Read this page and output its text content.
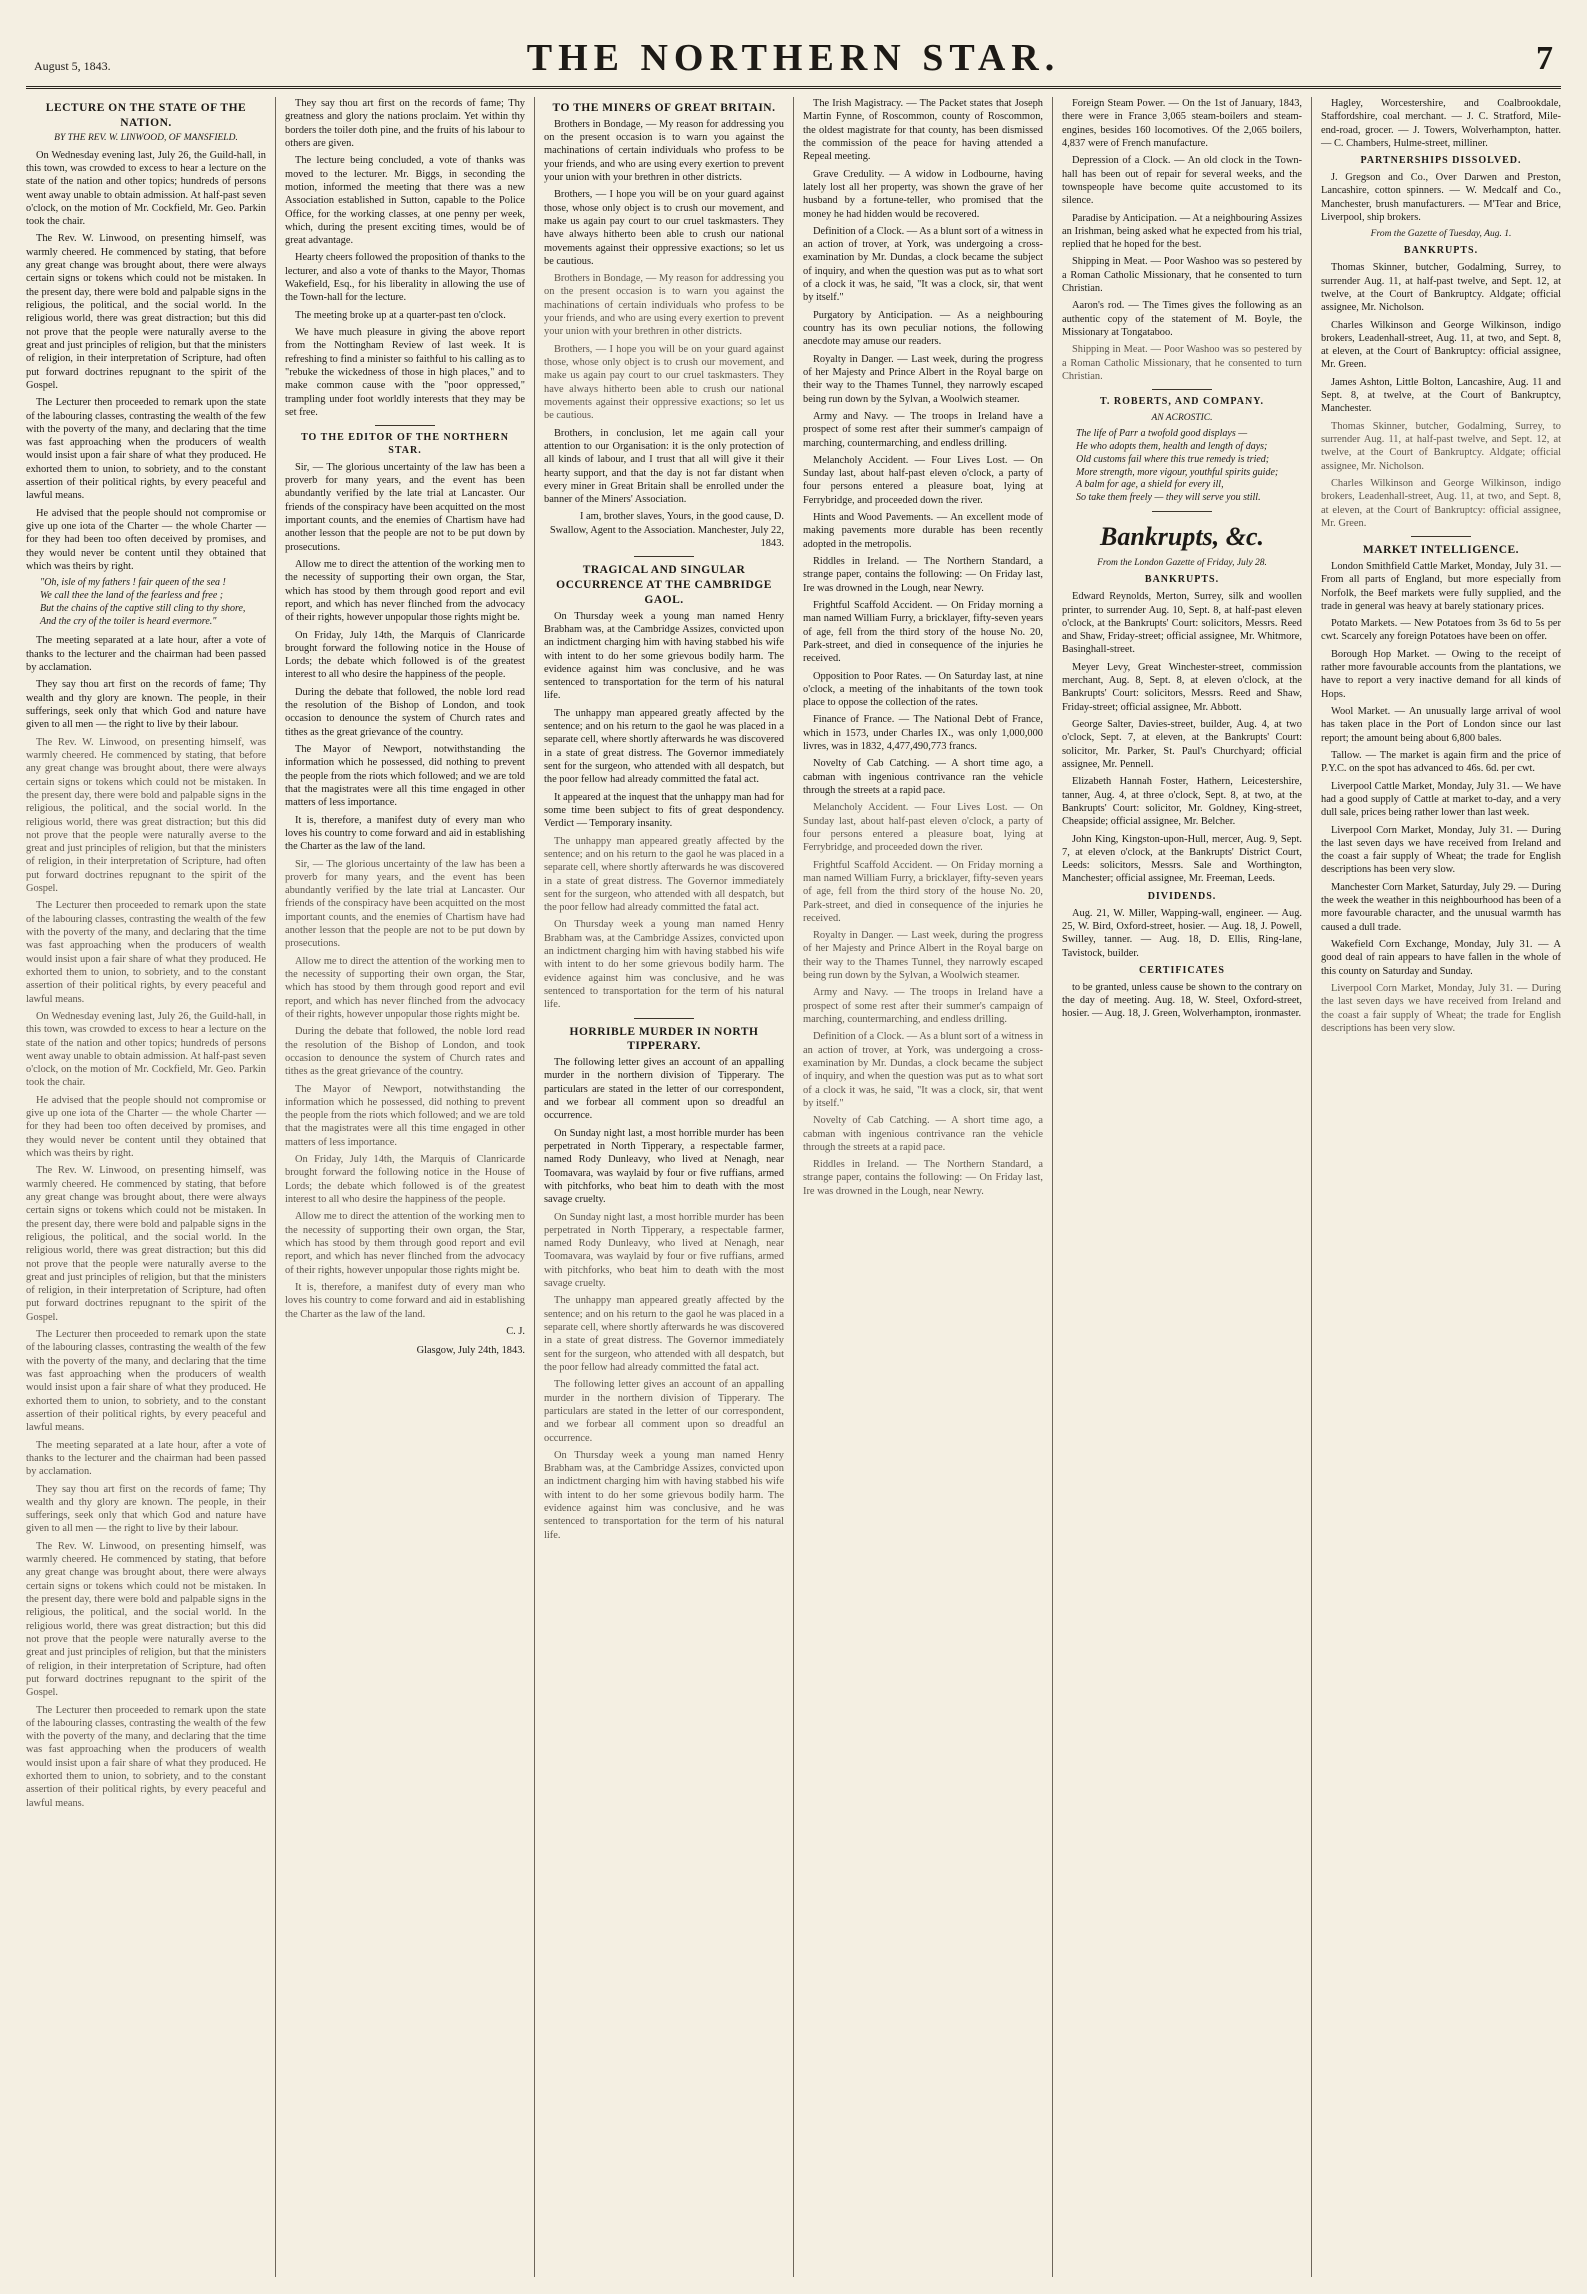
August 5, 1843.	THE NORTHERN STAR.	7
LECTURE ON THE STATE OF THE NATION.
BY THE REV. W. LINWOOD, OF MANSFIELD.

On Wednesday evening last, July 26, the Guild-hall, in this town, was crowded to excess to hear a lecture on the state of the nation and other topics; hundreds of persons went away unable to obtain admission. At half-past seven o'clock, on the motion of Mr. Cockfield, Mr. Geo. Parkin took the chair.

The Rev. W. Linwood, on presenting himself, was warmly cheered. He commenced by stating, that before any great change was brought about, there were always certain signs or tokens which could not be mistaken. In the present day, there were bold and palpable signs in the religious, the political, and the social world. In the religious world, there was great distraction; but this did not prove that the people were naturally averse to the great and just principles of religion, but that the ministers of religion, in their interpretation of Scripture, had often put forward doctrines repugnant to the spirit of the Gospel.

The Lecturer then proceeded to remark upon the state of the labouring classes, contrasting the wealth of the few with the poverty of the many, and declaring that the time was fast approaching when the producers of wealth would insist upon a fair share of what they produced. He exhorted them to union, to sobriety, and to the constant assertion of their political rights, by every peaceful and lawful means.

He advised that the people should not compromise or give up one iota of the Charter — the whole Charter — for they had been too often deceived by promises, and they would never be content until they obtained that which was theirs by right.

"Oh, isle of my fathers ! fair queen of the sea !
We call thee the land of the fearless and free ;
But the chains of the captive still cling to thy shore,
And the cry of the toiler is heard evermore."

The meeting separated at a late hour, after a vote of thanks to the lecturer and the chairman had been passed by acclamation.

They say thou art first on the records of fame; Thy wealth and thy glory are known. The people, in their sufferings, seek only that which God and nature have given to all men — the right to live by their labour.

The Rev. W. Linwood, on presenting himself, was warmly cheered. He commenced by stating, that before any great change was brought about, there were always certain signs or tokens which could not be mistaken. In the present day, there were bold and palpable signs in the religious, the political, and the social world. In the religious world, there was great distraction; but this did not prove that the people were naturally averse to the great and just principles of religion, but that the ministers of religion, in their interpretation of Scripture, had often put forward doctrines repugnant to the spirit of the Gospel.

The Lecturer then proceeded to remark upon the state of the labouring classes, contrasting the wealth of the few with the poverty of the many, and declaring that the time was fast approaching when the producers of wealth would insist upon a fair share of what they produced. He exhorted them to union, to sobriety, and to the constant assertion of their political rights, by every peaceful and lawful means.

On Wednesday evening last, July 26, the Guild-hall, in this town, was crowded to excess to hear a lecture on the state of the nation and other topics; hundreds of persons went away unable to obtain admission. At half-past seven o'clock, on the motion of Mr. Cockfield, Mr. Geo. Parkin took the chair.

He advised that the people should not compromise or give up one iota of the Charter — the whole Charter — for they had been too often deceived by promises, and they would never be content until they obtained that which was theirs by right.

The Rev. W. Linwood, on presenting himself, was warmly cheered. He commenced by stating, that before any great change was brought about, there were always certain signs or tokens which could not be mistaken. In the present day, there were bold and palpable signs in the religious, the political, and the social world. In the religious world, there was great distraction; but this did not prove that the people were naturally averse to the great and just principles of religion, but that the ministers of religion, in their interpretation of Scripture, had often put forward doctrines repugnant to the spirit of the Gospel.

The Lecturer then proceeded to remark upon the state of the labouring classes, contrasting the wealth of the few with the poverty of the many, and declaring that the time was fast approaching when the producers of wealth would insist upon a fair share of what they produced. He exhorted them to union, to sobriety, and to the constant assertion of their political rights, by every peaceful and lawful means.

The meeting separated at a late hour, after a vote of thanks to the lecturer and the chairman had been passed by acclamation.

They say thou art first on the records of fame; Thy wealth and thy glory are known. The people, in their sufferings, seek only that which God and nature have given to all men — the right to live by their labour.

The Rev. W. Linwood, on presenting himself, was warmly cheered. He commenced by stating, that before any great change was brought about, there were always certain signs or tokens which could not be mistaken. In the present day, there were bold and palpable signs in the religious, the political, and the social world. In the religious world, there was great distraction; but this did not prove that the people were naturally averse to the great and just principles of religion, but that the ministers of religion, in their interpretation of Scripture, had often put forward doctrines repugnant to the spirit of the Gospel.

The Lecturer then proceeded to remark upon the state of the labouring classes, contrasting the wealth of the few with the poverty of the many, and declaring that the time was fast approaching when the producers of wealth would insist upon a fair share of what they produced. He exhorted them to union, to sobriety, and to the constant assertion of their political rights, by every peaceful and lawful means.

They say thou art first on the records of fame; Thy greatness and glory the nations proclaim. Yet within thy borders the toiler doth pine, and the fruits of his labour to others are given.

The lecture being concluded, a vote of thanks was moved to the lecturer. Mr. Biggs, in seconding the motion, informed the meeting that there was a new Association established in Sutton, capable to the Police Office, for the working classes, at one penny per week, which, during the present exciting times, would be of great advantage.

Hearty cheers followed the proposition of thanks to the lecturer, and also a vote of thanks to the Mayor, Thomas Wakefield, Esq., for his liberality in allowing the use of the Town-hall for the lecture.

The meeting broke up at a quarter-past ten o'clock.

We have much pleasure in giving the above report from the Nottingham Review of last week. It is refreshing to find a minister so faithful to his calling as to "rebuke the wickedness of those in high places," and to make common cause with the "poor oppressed," trampling under foot worldly interests that they may be set free.

TO THE EDITOR OF THE NORTHERN STAR.

Sir, — The glorious uncertainty of the law has been a proverb for many years, and the event has been abundantly verified by the late trial at Lancaster. Our friends of the conspiracy have been acquitted on the most important counts, and the enemies of Chartism have had another lesson that the people are not to be put down by prosecutions.

Allow me to direct the attention of the working men to the necessity of supporting their own organ, the Star, which has stood by them through good report and evil report, and which has never flinched from the advocacy of their rights, however unpopular those rights might be.

On Friday, July 14th, the Marquis of Clanricarde brought forward the following notice in the House of Lords; the debate which followed is of the greatest interest to all who desire the happiness of the people.

During the debate that followed, the noble lord read the resolution of the Bishop of London, and took occasion to denounce the system of Church rates and tithes as the great grievance of the country.

The Mayor of Newport, notwithstanding the information which he possessed, did nothing to prevent the people from the riots which followed; and we are told that the magistrates were all this time engaged in other matters of less importance.

It is, therefore, a manifest duty of every man who loves his country to come forward and aid in establishing the Charter as the law of the land.

Sir, — The glorious uncertainty of the law has been a proverb for many years, and the event has been abundantly verified by the late trial at Lancaster. Our friends of the conspiracy have been acquitted on the most important counts, and the enemies of Chartism have had another lesson that the people are not to be put down by prosecutions.

Allow me to direct the attention of the working men to the necessity of supporting their own organ, the Star, which has stood by them through good report and evil report, and which has never flinched from the advocacy of their rights, however unpopular those rights might be.

During the debate that followed, the noble lord read the resolution of the Bishop of London, and took occasion to denounce the system of Church rates and tithes as the great grievance of the country.

The Mayor of Newport, notwithstanding the information which he possessed, did nothing to prevent the people from the riots which followed; and we are told that the magistrates were all this time engaged in other matters of less importance.

On Friday, July 14th, the Marquis of Clanricarde brought forward the following notice in the House of Lords; the debate which followed is of the greatest interest to all who desire the happiness of the people.

Allow me to direct the attention of the working men to the necessity of supporting their own organ, the Star, which has stood by them through good report and evil report, and which has never flinched from the advocacy of their rights, however unpopular those rights might be.

It is, therefore, a manifest duty of every man who loves his country to come forward and aid in establishing the Charter as the law of the land.

C. J.
Glasgow, July 24th, 1843.
TO THE MINERS OF GREAT BRITAIN.

Brothers in Bondage, — My reason for addressing you on the present occasion is to warn you against the machinations of certain individuals who profess to be your friends, and who are using every exertion to prevent your union with your brethren in other districts.

Brothers, — I hope you will be on your guard against those, whose only object is to crush our movement, and make us again pay court to our cruel taskmasters. They have always hitherto been able to crush our national movements against their oppressive exactions; so let us be cautious.

Brothers in Bondage, — My reason for addressing you on the present occasion is to warn you against the machinations of certain individuals who profess to be your friends, and who are using every exertion to prevent your union with your brethren in other districts.

Brothers, — I hope you will be on your guard against those, whose only object is to crush our movement, and make us again pay court to our cruel taskmasters. They have always hitherto been able to crush our national movements against their oppressive exactions; so let us be cautious.

Brothers, in conclusion, let me again call your attention to our Organisation: it is the only protection of all kinds of labour, and I trust that all will give it their hearty support, and that the day is not far distant when every miner in Great Britain shall be enrolled under the banner of the Miners' Association.

I am, brother slaves, Yours, in the good cause, D. Swallow, Agent to the Association. Manchester, July 22, 1843.
TRAGICAL AND SINGULAR OCCURRENCE AT THE CAMBRIDGE GAOL.

On Thursday week a young man named Henry Brabham was, at the Cambridge Assizes, convicted upon an indictment charging him with having stabbed his wife with intent to do her some grievous bodily harm. The evidence against him was conclusive, and he was sentenced to transportation for the term of his natural life.

The unhappy man appeared greatly affected by the sentence; and on his return to the gaol he was placed in a separate cell, where shortly afterwards he was discovered in a state of great distress. The Governor immediately sent for the surgeon, who attended with all despatch, but the poor fellow had already committed the fatal act.

It appeared at the inquest that the unhappy man had for some time been subject to fits of great despondency. Verdict — Temporary insanity.

The unhappy man appeared greatly affected by the sentence; and on his return to the gaol he was placed in a separate cell, where shortly afterwards he was discovered in a state of great distress. The Governor immediately sent for the surgeon, who attended with all despatch, but the poor fellow had already committed the fatal act.

On Thursday week a young man named Henry Brabham was, at the Cambridge Assizes, convicted upon an indictment charging him with having stabbed his wife with intent to do her some grievous bodily harm. The evidence against him was conclusive, and he was sentenced to transportation for the term of his natural life.

HORRIBLE MURDER IN NORTH TIPPERARY.

The following letter gives an account of an appalling murder in the northern division of Tipperary. The particulars are stated in the letter of our correspondent, and we forbear all comment upon so dreadful an occurrence.

On Sunday night last, a most horrible murder has been perpetrated in North Tipperary, a respectable farmer, named Rody Dunleavy, who lived at Nenagh, near Toomavara, was waylaid by four or five ruffians, armed with pitchforks, who beat him to death with the most savage cruelty.

On Sunday night last, a most horrible murder has been perpetrated in North Tipperary, a respectable farmer, named Rody Dunleavy, who lived at Nenagh, near Toomavara, was waylaid by four or five ruffians, armed with pitchforks, who beat him to death with the most savage cruelty.

The unhappy man appeared greatly affected by the sentence; and on his return to the gaol he was placed in a separate cell, where shortly afterwards he was discovered in a state of great distress. The Governor immediately sent for the surgeon, who attended with all despatch, but the poor fellow had already committed the fatal act.

The following letter gives an account of an appalling murder in the northern division of Tipperary. The particulars are stated in the letter of our correspondent, and we forbear all comment upon so dreadful an occurrence.

On Thursday week a young man named Henry Brabham was, at the Cambridge Assizes, convicted upon an indictment charging him with having stabbed his wife with intent to do her some grievous bodily harm. The evidence against him was conclusive, and he was sentenced to transportation for the term of his natural life.

The Irish Magistracy. — The Packet states that Joseph Martin Fynne, of Roscommon, county of Roscommon, the oldest magistrate for that county, has been dismissed the commission of the peace for having attended a Repeal meeting.

Grave Credulity. — A widow in Lodbourne, having lately lost all her property, was shown the grave of her husband by a fortune-teller, who promised that the money he had hidden would be recovered.

Definition of a Clock. — As a blunt sort of a witness in an action of trover, at York, was undergoing a cross-examination by Mr. Dundas, a clock became the subject of inquiry, and when the question was put as to what sort of a clock it was, he said, "It was a clock, sir, that went by itself."

Purgatory by Anticipation. — As a neighbouring country has its own peculiar notions, the following anecdote may amuse our readers.

Royalty in Danger. — Last week, during the progress of her Majesty and Prince Albert in the Royal barge on their way to the Thames Tunnel, they narrowly escaped being run down by the Sylvan, a Woolwich steamer.

Army and Navy. — The troops in Ireland have a prospect of some rest after their summer's campaign of marching, countermarching, and endless drilling.

Melancholy Accident. — Four Lives Lost. — On Sunday last, about half-past eleven o'clock, a party of four persons entered a pleasure boat, lying at Ferrybridge, and proceeded down the river.

Hints and Wood Pavements. — An excellent mode of making pavements more durable has been recently adopted in the metropolis.

Riddles in Ireland. — The Northern Standard, a strange paper, contains the following: — On Friday last, Ire was drowned in the Lough, near Newry.

Frightful Scaffold Accident. — On Friday morning a man named William Furry, a bricklayer, fifty-seven years of age, fell from the third story of the house No. 20, Park-street, and died in consequence of the injuries he received.

Opposition to Poor Rates. — On Saturday last, at nine o'clock, a meeting of the inhabitants of the town took place to oppose the collection of the rates.

Finance of France. — The National Debt of France, which in 1573, under Charles IX., was only 1,000,000 livres, was in 1832, 4,477,490,773 francs.

Novelty of Cab Catching. — A short time ago, a cabman with ingenious contrivance ran the vehicle through the streets at a rapid pace.

Melancholy Accident. — Four Lives Lost. — On Sunday last, about half-past eleven o'clock, a party of four persons entered a pleasure boat, lying at Ferrybridge, and proceeded down the river.

Frightful Scaffold Accident. — On Friday morning a man named William Furry, a bricklayer, fifty-seven years of age, fell from the third story of the house No. 20, Park-street, and died in consequence of the injuries he received.

Royalty in Danger. — Last week, during the progress of her Majesty and Prince Albert in the Royal barge on their way to the Thames Tunnel, they narrowly escaped being run down by the Sylvan, a Woolwich steamer.

Army and Navy. — The troops in Ireland have a prospect of some rest after their summer's campaign of marching, countermarching, and endless drilling.

Definition of a Clock. — As a blunt sort of a witness in an action of trover, at York, was undergoing a cross-examination by Mr. Dundas, a clock became the subject of inquiry, and when the question was put as to what sort of a clock it was, he said, "It was a clock, sir, that went by itself."

Novelty of Cab Catching. — A short time ago, a cabman with ingenious contrivance ran the vehicle through the streets at a rapid pace.

Riddles in Ireland. — The Northern Standard, a strange paper, contains the following: — On Friday last, Ire was drowned in the Lough, near Newry.

Foreign Steam Power. — On the 1st of January, 1843, there were in France 3,065 steam-boilers and steam-engines, besides 160 locomotives. Of the 2,065 boilers, 4,837 were of French manufacture.

Depression of a Clock. — An old clock in the Town-hall has been out of repair for several weeks, and the townspeople have become quite accustomed to its silence.

Paradise by Anticipation. — At a neighbouring Assizes an Irishman, being asked what he expected from his trial, replied that he hoped for the best.

Shipping in Meat. — Poor Washoo was so pestered by a Roman Catholic Missionary, that he consented to turn Christian.

Aaron's rod. — The Times gives the following as an authentic copy of the statement of M. Boyle, the Missionary at Tongataboo.

Shipping in Meat. — Poor Washoo was so pestered by a Roman Catholic Missionary, that he consented to turn Christian.

T. ROBERTS, AND COMPANY.
AN ACROSTIC.
The life of Parr a twofold good displays —
He who adopts them, health and length of days;
Old customs fail where this true remedy is tried;
More strength, more vigour, youthful spirits guide;
A balm for age, a shield for every ill,
So take them freely — they will serve you still.
Bankrupts, &c.
From the London Gazette of Friday, July 28.
BANKRUPTS.

Edward Reynolds, Merton, Surrey, silk and woollen printer, to surrender Aug. 10, Sept. 8, at half-past eleven o'clock, at the Bankrupts' Court: solicitors, Messrs. Reed and Shaw, Friday-street; official assignee, Mr. Whitmore, Basinghall-street.

Meyer Levy, Great Winchester-street, commission merchant, Aug. 8, Sept. 8, at eleven o'clock, at the Bankrupts' Court: solicitors, Messrs. Reed and Shaw, Friday-street; official assignee, Mr. Abbott.

George Salter, Davies-street, builder, Aug. 4, at two o'clock, Sept. 7, at eleven, at the Bankrupts' Court: solicitor, Mr. Parker, St. Paul's Churchyard; official assignee, Mr. Pennell.

Elizabeth Hannah Foster, Hathern, Leicestershire, tanner, Aug. 4, at three o'clock, Sept. 8, at two, at the Bankrupts' Court: solicitor, Mr. Goldney, King-street, Cheapside; official assignee, Mr. Belcher.

John King, Kingston-upon-Hull, mercer, Aug. 9, Sept. 7, at eleven o'clock, at the Bankrupts' District Court, Leeds: solicitors, Messrs. Sale and Worthington, Manchester; official assignee, Mr. Freeman, Leeds.

DIVIDENDS.

Aug. 21, W. Miller, Wapping-wall, engineer. — Aug. 25, W. Bird, Oxford-street, hosier. — Aug. 18, J. Powell, Swilley, tanner. — Aug. 18, D. Ellis, Ring-lane, Tavistock, builder.

CERTIFICATES

to be granted, unless cause be shown to the contrary on the day of meeting. Aug. 18, W. Steel, Oxford-street, hosier. — Aug. 18, J. Green, Wolverhampton, ironmaster.

Hagley, Worcestershire, and Coalbrookdale, Staffordshire, coal merchant. — J. C. Stratford, Mile-end-road, grocer. — J. Towers, Wolverhampton, hatter. — C. Chambers, Hulme-street, milliner.

PARTNERSHIPS DISSOLVED.

J. Gregson and Co., Over Darwen and Preston, Lancashire, cotton spinners. — W. Medcalf and Co., Manchester, brush manufacturers. — M'Tear and Brice, Liverpool, ship brokers.

From the Gazette of Tuesday, Aug. 1.
BANKRUPTS.

Thomas Skinner, butcher, Godalming, Surrey, to surrender Aug. 11, at half-past twelve, and Sept. 12, at twelve, at the Court of Bankruptcy. Aldgate; official assignee, Mr. Nicholson.

Charles Wilkinson and George Wilkinson, indigo brokers, Leadenhall-street, Aug. 11, at two, and Sept. 8, at eleven, at the Court of Bankruptcy: official assignee, Mr. Green.

James Ashton, Little Bolton, Lancashire, Aug. 11 and Sept. 8, at twelve, at the Court of Bankruptcy, Manchester.

Thomas Skinner, butcher, Godalming, Surrey, to surrender Aug. 11, at half-past twelve, and Sept. 12, at twelve, at the Court of Bankruptcy. Aldgate; official assignee, Mr. Nicholson.

Charles Wilkinson and George Wilkinson, indigo brokers, Leadenhall-street, Aug. 11, at two, and Sept. 8, at eleven, at the Court of Bankruptcy: official assignee, Mr. Green.

MARKET INTELLIGENCE.

London Smithfield Cattle Market, Monday, July 31. — From all parts of England, but more especially from Norfolk, the Beef markets were fully supplied, and the trade in general was heavy at barely stationary prices.

Potato Markets. — New Potatoes from 3s 6d to 5s per cwt. Scarcely any foreign Potatoes have been on offer.

Borough Hop Market. — Owing to the receipt of rather more favourable accounts from the plantations, we have to report a very inactive demand for all kinds of Hops.

Wool Market. — An unusually large arrival of wool has taken place in the Port of London since our last report; the amount being about 6,800 bales.

Tallow. — The market is again firm and the price of P.Y.C. on the spot has advanced to 46s. 6d. per cwt.

Liverpool Cattle Market, Monday, July 31. — We have had a good supply of Cattle at market to-day, and a very dull sale, prices being rather lower than last week.

Liverpool Corn Market, Monday, July 31. — During the last seven days we have received from Ireland and the coast a fair supply of Wheat; the trade for English descriptions has been very slow.

Manchester Corn Market, Saturday, July 29. — During the week the weather in this neighbourhood has been of a more favourable character, and the unusual warmth has caused a dull trade.

Wakefield Corn Exchange, Monday, July 31. — A good deal of rain appears to have fallen in the whole of this county on Saturday and Sunday.

Liverpool Corn Market, Monday, July 31. — During the last seven days we have received from Ireland and the coast a fair supply of Wheat; the trade for English descriptions has been very slow.
